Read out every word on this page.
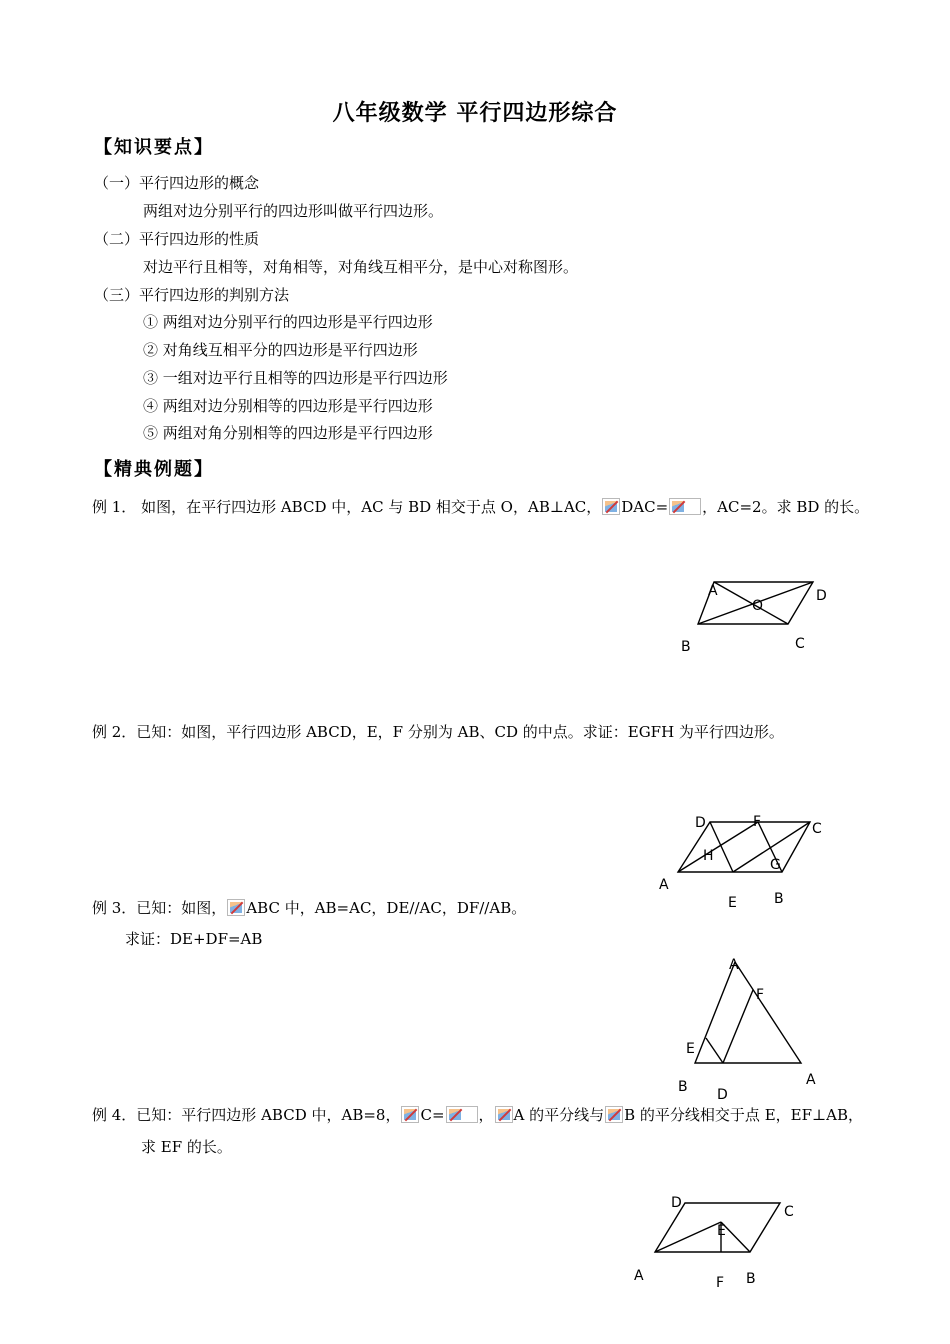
八年级数学 平行四边形综合
【知识要点】
（一）平行四边形的概念
两组对边分别平行的四边形叫做平行四边形。
（二）平行四边形的性质
对边平行且相等，对角相等，对角线互相平分，是中心对称图形。
（三）平行四边形的判别方法
① 两组对边分别平行的四边形是平行四边形
② 对角线互相平分的四边形是平行四边形
③ 一组对边平行且相等的四边形是平行四边形
④ 两组对边分别相等的四边形是平行四边形
⑤ 两组对角分别相等的四边形是平行四边形
【精典例题】
例 1． 如图，在平行四边形 ABCD 中，AC 与 BD 相交于点 O，AB⊥AC， DAC= ，AC=2。求 BD 的长。
A
O
D
B	C
例 2．已知：如图，平行四边形 ABCD，E，F 分别为 AB、CD 的中点。求证：EGFH 为平行四边形。
D	F	C
H
G
A
E	B
例 3．已知：如图， ABC 中，AB=AC，DE//AC，DF//AB。
求证：DE+DF=AB
A
F
E
B D
A
例 4．已知：平行四边形 ABCD 中，AB=8， C= ， A 的平分线与 B 的平分线相交于点 E，EF⊥AB，
求 EF 的长。
D
C
E
A	F B
